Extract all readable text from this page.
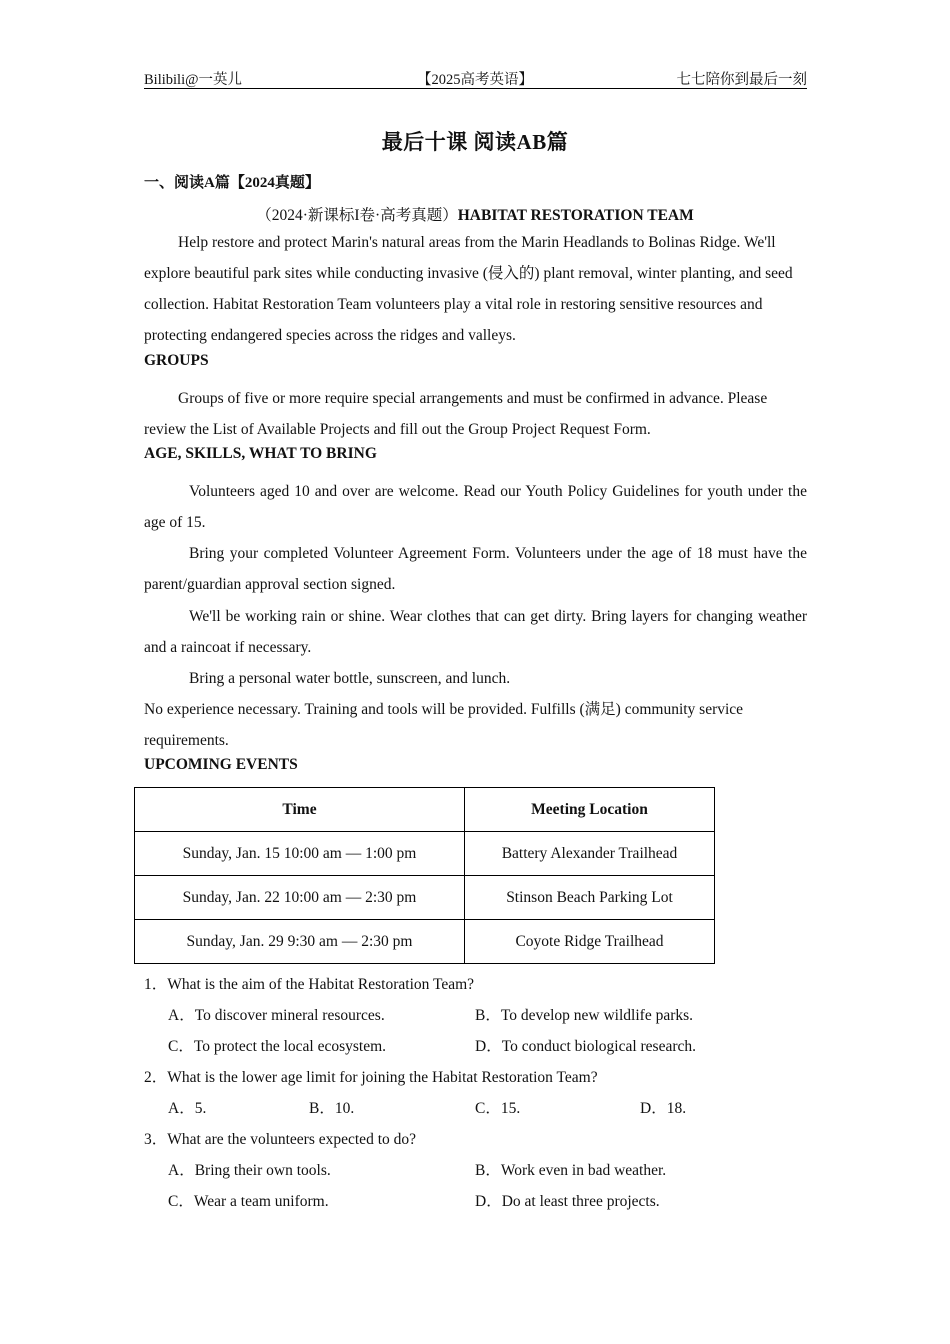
Bilibili@一英儿	【2025高考英语】	七七陪你到最后一刻
最后十课 阅读AB篇
一、阅读A篇【2024真题】
（2024·新课标I卷·高考真题）HABITAT RESTORATION TEAM
Help restore and protect Marin's natural areas from the Marin Headlands to Bolinas Ridge. We'll explore beautiful park sites while conducting invasive (侵入的) plant removal, winter planting, and seed collection. Habitat Restoration Team volunteers play a vital role in restoring sensitive resources and protecting endangered species across the ridges and valleys.
GROUPS
Groups of five or more require special arrangements and must be confirmed in advance. Please review the List of Available Projects and fill out the Group Project Request Form.
AGE, SKILLS, WHAT TO BRING
Volunteers aged 10 and over are welcome. Read our Youth Policy Guidelines for youth under the age of 15.
Bring your completed Volunteer Agreement Form. Volunteers under the age of 18 must have the parent/guardian approval section signed.
We'll be working rain or shine. Wear clothes that can get dirty. Bring layers for changing weather and a raincoat if necessary.
Bring a personal water bottle, sunscreen, and lunch.
No experience necessary. Training and tools will be provided. Fulfills (满足) community service requirements.
UPCOMING EVENTS
Time	Meeting Location
Sunday, Jan. 15 10:00 am — 1:00 pm	Battery Alexander Trailhead
Sunday, Jan. 22 10:00 am — 2:30 pm	Stinson Beach Parking Lot
Sunday, Jan. 29 9:30 am — 2:30 pm	Coyote Ridge Trailhead
1．What is the aim of the Habitat Restoration Team?
A．To discover mineral resources.	B．To develop new wildlife parks.
C．To protect the local ecosystem.	D．To conduct biological research.
2．What is the lower age limit for joining the Habitat Restoration Team?
A．5.	B．10.	C．15.	D．18.
3．What are the volunteers expected to do?
A．Bring their own tools.	B．Work even in bad weather.
C．Wear a team uniform.	D．Do at least three projects.
